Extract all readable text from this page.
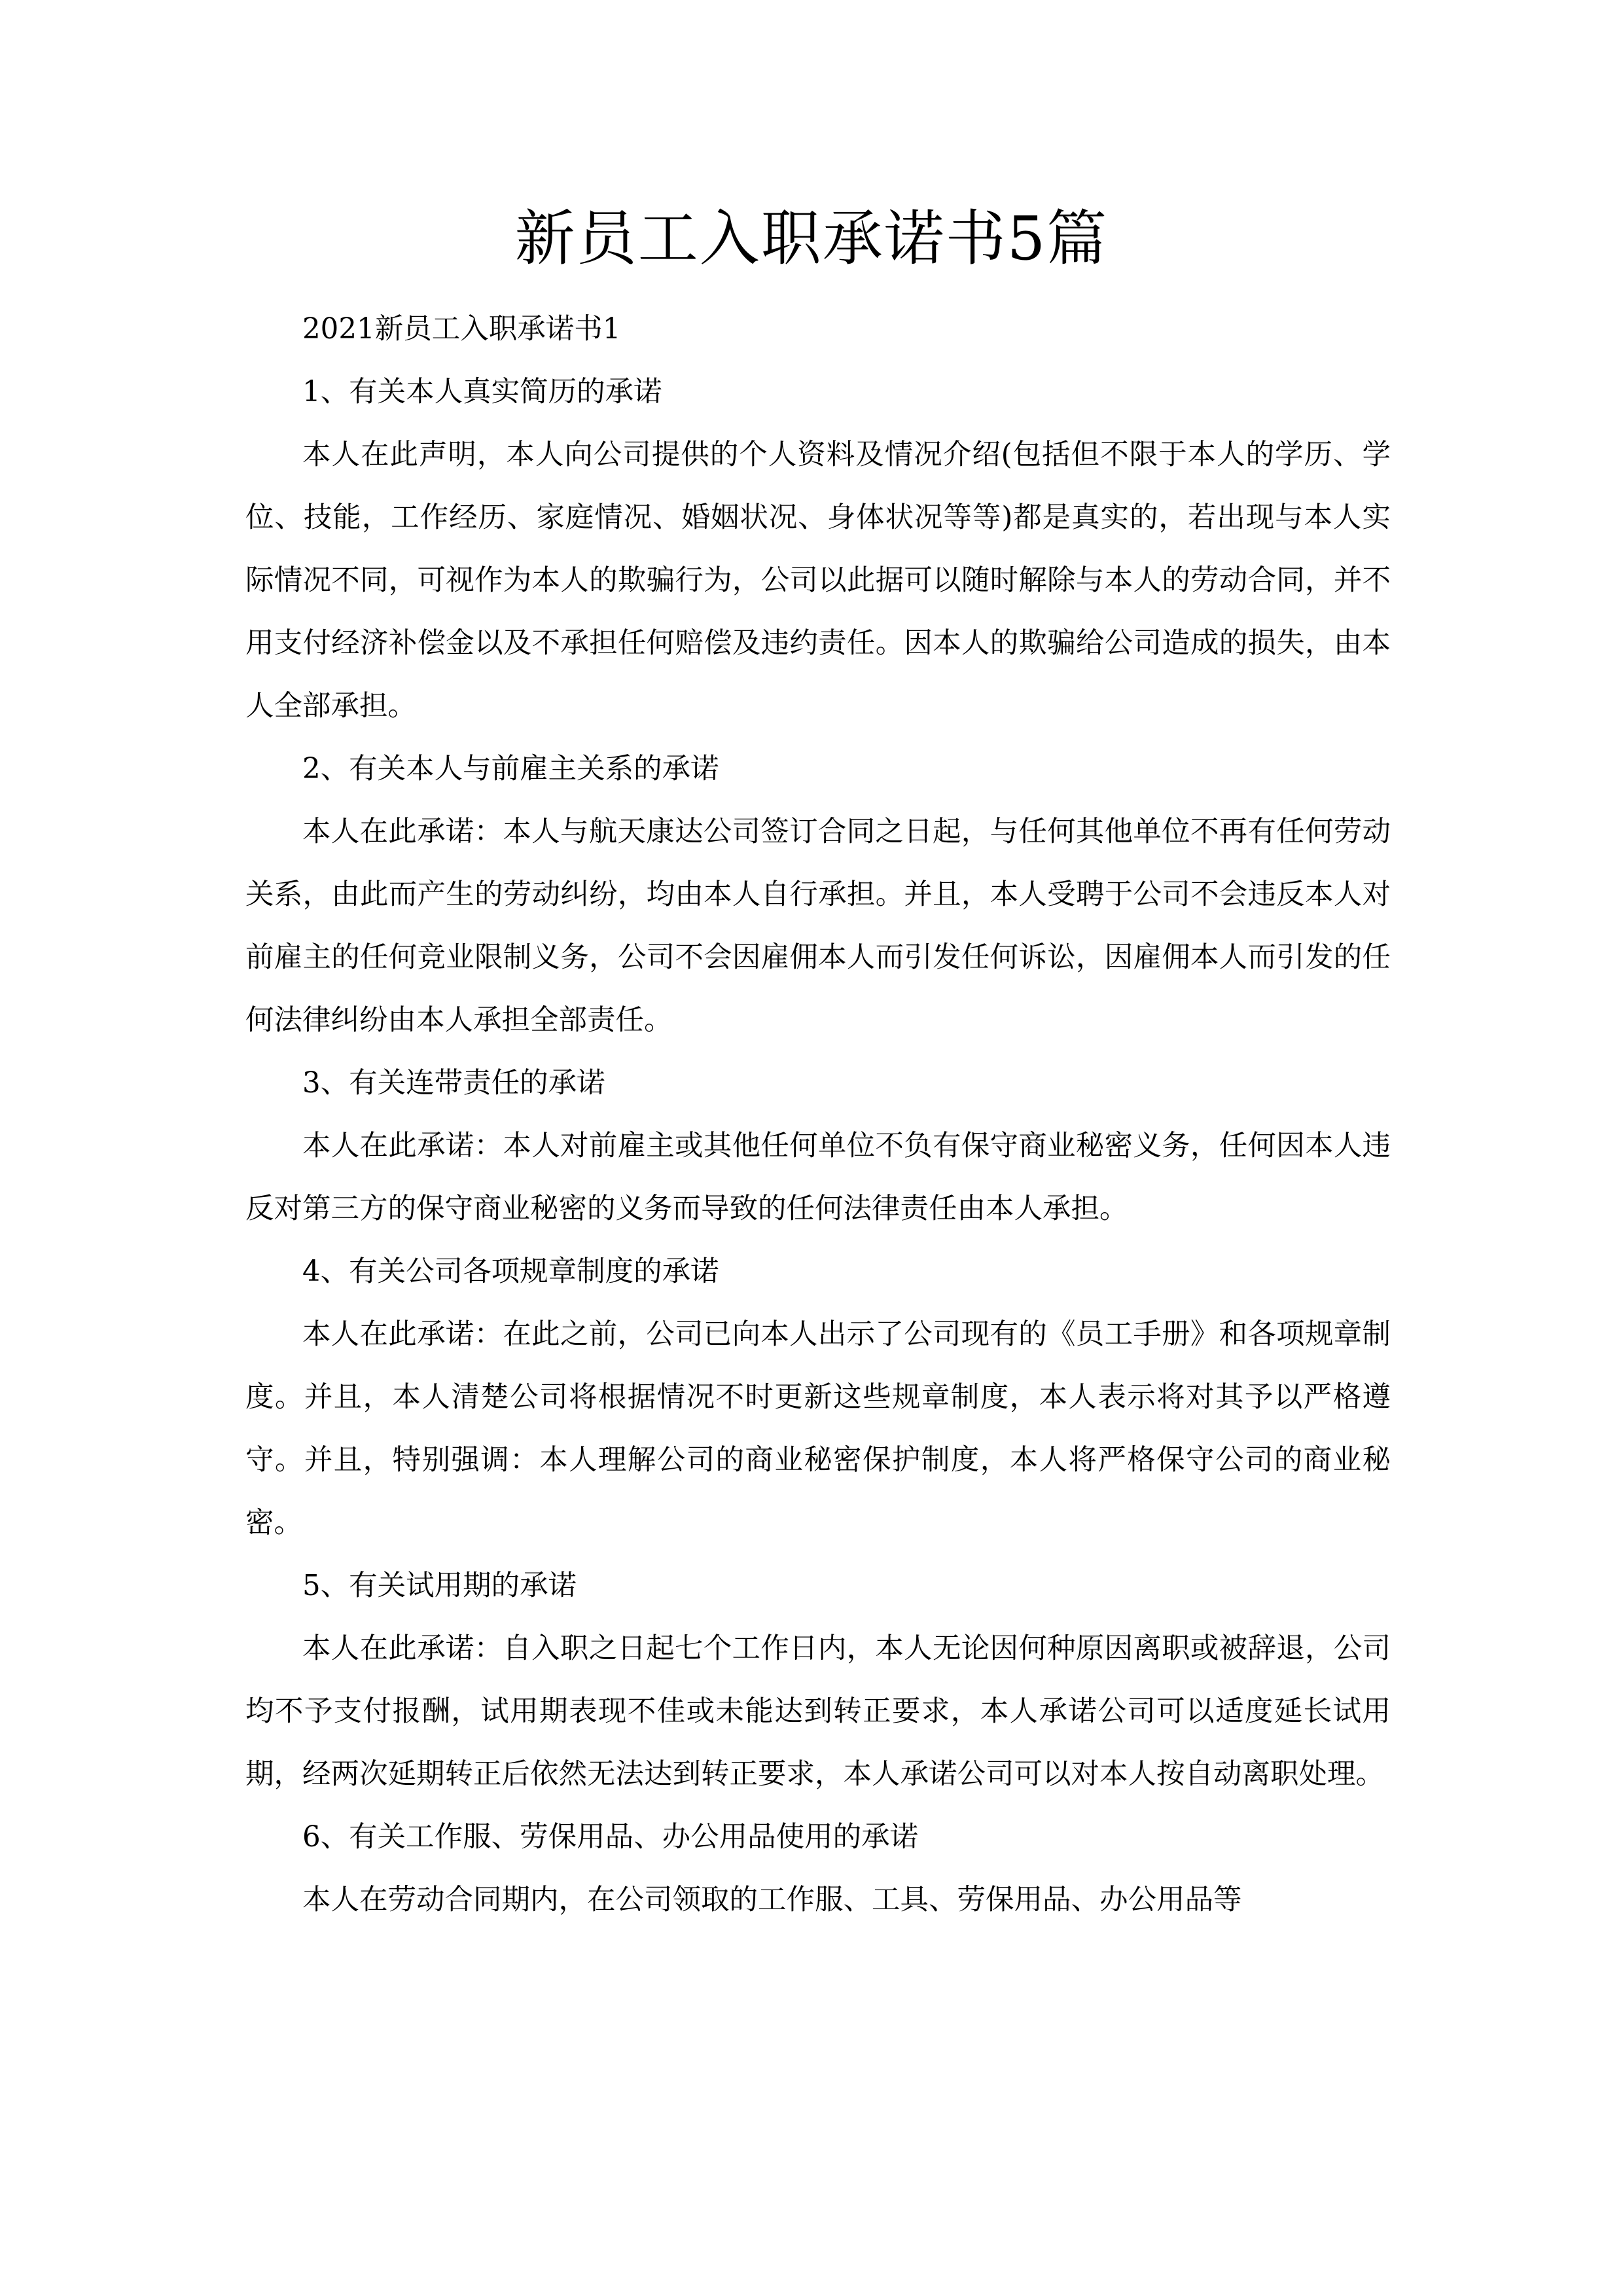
新员工入职承诺书5篇

2021新员工入职承诺书1

1、有关本人真实简历的承诺

本人在此声明，本人向公司提供的个人资料及情况介绍(包括但不限于本人的学历、学位、技能，工作经历、家庭情况、婚姻状况、身体状况等等)都是真实的，若出现与本人实际情况不同，可视作为本人的欺骗行为，公司以此据可以随时解除与本人的劳动合同，并不用支付经济补偿金以及不承担任何赔偿及违约责任。因本人的欺骗给公司造成的损失，由本人全部承担。

2、有关本人与前雇主关系的承诺

本人在此承诺：本人与航天康达公司签订合同之日起，与任何其他单位不再有任何劳动关系，由此而产生的劳动纠纷，均由本人自行承担。并且，本人受聘于公司不会违反本人对前雇主的任何竞业限制义务，公司不会因雇佣本人而引发任何诉讼，因雇佣本人而引发的任何法律纠纷由本人承担全部责任。

3、有关连带责任的承诺

本人在此承诺：本人对前雇主或其他任何单位不负有保守商业秘密义务，任何因本人违反对第三方的保守商业秘密的义务而导致的任何法律责任由本人承担。

4、有关公司各项规章制度的承诺

本人在此承诺：在此之前，公司已向本人出示了公司现有的《员工手册》和各项规章制度。并且，本人清楚公司将根据情况不时更新这些规章制度，本人表示将对其予以严格遵守。并且，特别强调：本人理解公司的商业秘密保护制度，本人将严格保守公司的商业秘密。

5、有关试用期的承诺

本人在此承诺：自入职之日起七个工作日内，本人无论因何种原因离职或被辞退，公司均不予支付报酬，试用期表现不佳或未能达到转正要求，本人承诺公司可以适度延长试用期，经两次延期转正后依然无法达到转正要求，本人承诺公司可以对本人按自动离职处理。

6、有关工作服、劳保用品、办公用品使用的承诺

本人在劳动合同期内，在公司领取的工作服、工具、劳保用品、办公用品等
